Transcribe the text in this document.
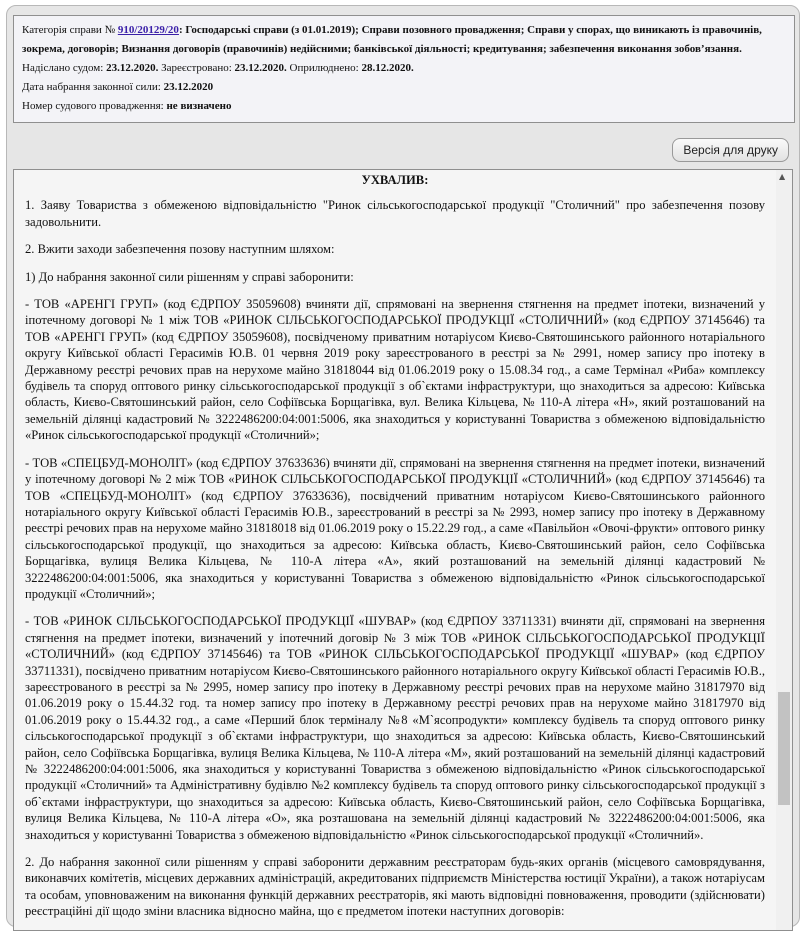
Категорія справи № 910/20129/20: Господарські справи (з 01.01.2019); Справи позовного провадження; Справи у спорах, що виникають із правочинів, зокрема, договорів; Визнання договорів (правочинів) недійсними; банківської діяльності; кредитування; забезпечення виконання зобов’язання.
Надіслано судом: 23.12.2020. Зареєстровано: 23.12.2020. Оприлюднено: 28.12.2020.
Дата набрання законної сили: 23.12.2020
Номер судового провадження: не визначено
Версія для друку

УХВАЛИВ:

1. Заяву Товариства з обмеженою відповідальністю "Ринок сільськогосподарської продукції "Столичний" про забезпечення позову задовольнити.

2. Вжити заходи забезпечення позову наступним шляхом:

1) До набрання законної сили рішенням у справі заборонити:

- ТОВ «АРЕНГІ ГРУП» (код ЄДРПОУ 35059608) вчиняти дії, спрямовані на звернення стягнення на предмет іпотеки, визначений у іпотечному договорі № 1 між ТОВ «РИНОК СІЛЬСЬКОГОСПОДАРСЬКОЇ ПРОДУКЦІЇ «СТОЛИЧНИЙ» (код ЄДРПОУ 37145646) та ТОВ «АРЕНГІ ГРУП» (код ЄДРПОУ 35059608), посвідченому приватним нотаріусом Києво-Святошинського районного нотаріального округу Київської області Герасимів Ю.В. 01 червня 2019 року зареєстрованого в реєстрі за № 2991, номер запису про іпотеку в Державному реєстрі речових прав на нерухоме майно 31818044 від 01.06.2019 року о 15.08.34 год., а саме Термінал «Риба» комплексу будівель та споруд оптового ринку сільськогосподарської продукції з об`єктами інфраструктури, що знаходиться за адресою: Київська область, Києво-Святошинський район, село Софіївська Борщагівка, вул. Велика Кільцева, № 110-А літера «Н», який розташований на земельній ділянці кадастровий № 3222486200:04:001:5006, яка знаходиться у користуванні Товариства з обмеженою відповідальністю «Ринок сільськогосподарської продукції «Столичний»;

- ТОВ «СПЕЦБУД-МОНОЛІТ» (код ЄДРПОУ 37633636) вчиняти дії, спрямовані на звернення стягнення на предмет іпотеки, визначений у іпотечному договорі № 2 між ТОВ «РИНОК СІЛЬСЬКОГОСПОДАРСЬКОЇ ПРОДУКЦІЇ «СТОЛИЧНИЙ» (код ЄДРПОУ 37145646) та ТОВ «СПЕЦБУД-МОНОЛІТ» (код ЄДРПОУ 37633636), посвідчений приватним нотаріусом Києво-Святошинського районного нотаріального округу Київської області Герасимів Ю.В., зареєстрований в реєстрі за № 2993, номер запису про іпотеку в Державному реєстрі речових прав на нерухоме майно 31818018 від 01.06.2019 року о 15.22.29 год., а саме «Павільйон «Овочі-фрукти» оптового ринку сільськогосподарської продукції, що знаходиться за адресою: Київська область, Києво-Святошинський район, село Софіївська Борщагівка, вулиця Велика Кільцева, № 110-А літера «А», який розташований на земельній ділянці кадастровий № 3222486200:04:001:5006, яка знаходиться у користуванні Товариства з обмеженою відповідальністю «Ринок сільськогосподарської продукції «Столичний»;

- ТОВ «РИНОК СІЛЬСЬКОГОСПОДАРСЬКОЇ ПРОДУКЦІЇ «ШУВАР» (код ЄДРПОУ 33711331) вчиняти дії, спрямовані на звернення стягнення на предмет іпотеки, визначений у іпотечний договір № 3 між ТОВ «РИНОК СІЛЬСЬКОГОСПОДАРСЬКОЇ ПРОДУКЦІЇ «СТОЛИЧНИЙ» (код ЄДРПОУ 37145646) та ТОВ «РИНОК СІЛЬСЬКОГОСПОДАРСЬКОЇ ПРОДУКЦІЇ «ШУВАР» (код ЄДРПОУ 33711331), посвідчено приватним нотаріусом Києво-Святошинського районного нотаріального округу Київської області Герасимів Ю.В., зареєстрованого в реєстрі за № 2995, номер запису про іпотеку в Державному реєстрі речових прав на нерухоме майно 31817970 від 01.06.2019 року о 15.44.32 год. та номер запису про іпотеку в Державному реєстрі речових прав на нерухоме майно 31817970 від 01.06.2019 року о 15.44.32 год., а саме «Перший блок терміналу №8 «М`ясопродукти» комплексу будівель та споруд оптового ринку сільськогосподарської продукції з об`єктами інфраструктури, що знаходиться за адресою: Київська область, Києво-Святошинський район, село Софіївська Борщагівка, вулиця Велика Кільцева, № 110-А літера «М», який розташований на земельній ділянці кадастровий № 3222486200:04:001:5006, яка знаходиться у користуванні Товариства з обмеженою відповідальністю «Ринок сільськогосподарської продукції «Столичний» та Адміністративну будівлю №2 комплексу будівель та споруд оптового ринку сільськогосподарської продукції з об`єктами інфраструктури, що знаходиться за адресою: Київська область, Києво-Святошинський район, село Софіївська Борщагівка, вулиця Велика Кільцева, № 110-А літера «О», яка розташована на земельній ділянці кадастровий № 3222486200:04:001:5006, яка знаходиться у користуванні Товариства з обмеженою відповідальністю «Ринок сільськогосподарської продукції «Столичний».

2. До набрання законної сили рішенням у справі заборонити державним реєстраторам будь-яких органів (місцевого самоврядування, виконавчих комітетів, місцевих державних адміністрацій, акредитованих підприємств Міністерства юстиції України), а також нотаріусам та особам, уповноваженим на виконання функцій державних реєстраторів, які мають відповідні повноваження, проводити (здійснювати) реєстраційні дії щодо зміни власника відносно майна, що є предметом іпотеки наступних договорів:

▲
